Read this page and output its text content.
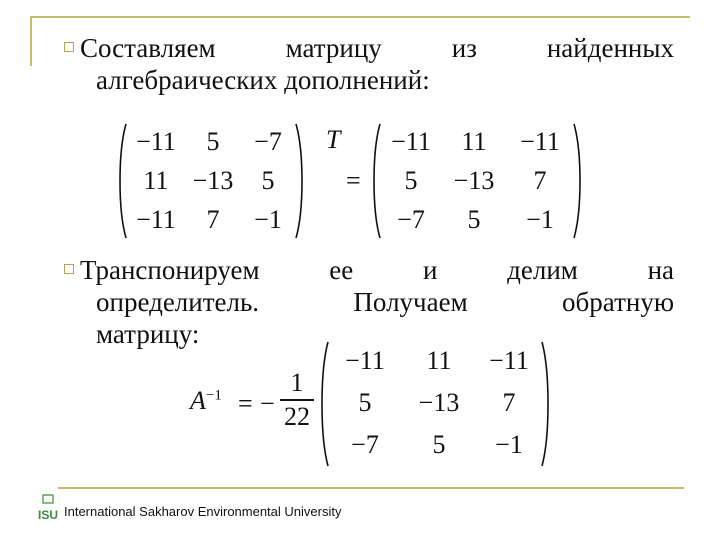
Составляем	матрицу	из	найденных
алгебраических дополнений:
−11	5	−7
11 −13	5
−11	7	−1
T
=
−11	11	−11
5	−13	7
−7	5	−1
Транспонируем	ее	и	делим	на
определитель.	Получаем	обратную
матрицу:
$A^{-1}$ = −
1
22
−11	11	−11
5	−13	7
−7	5	−1
ISU International Sakharov Environmental University
